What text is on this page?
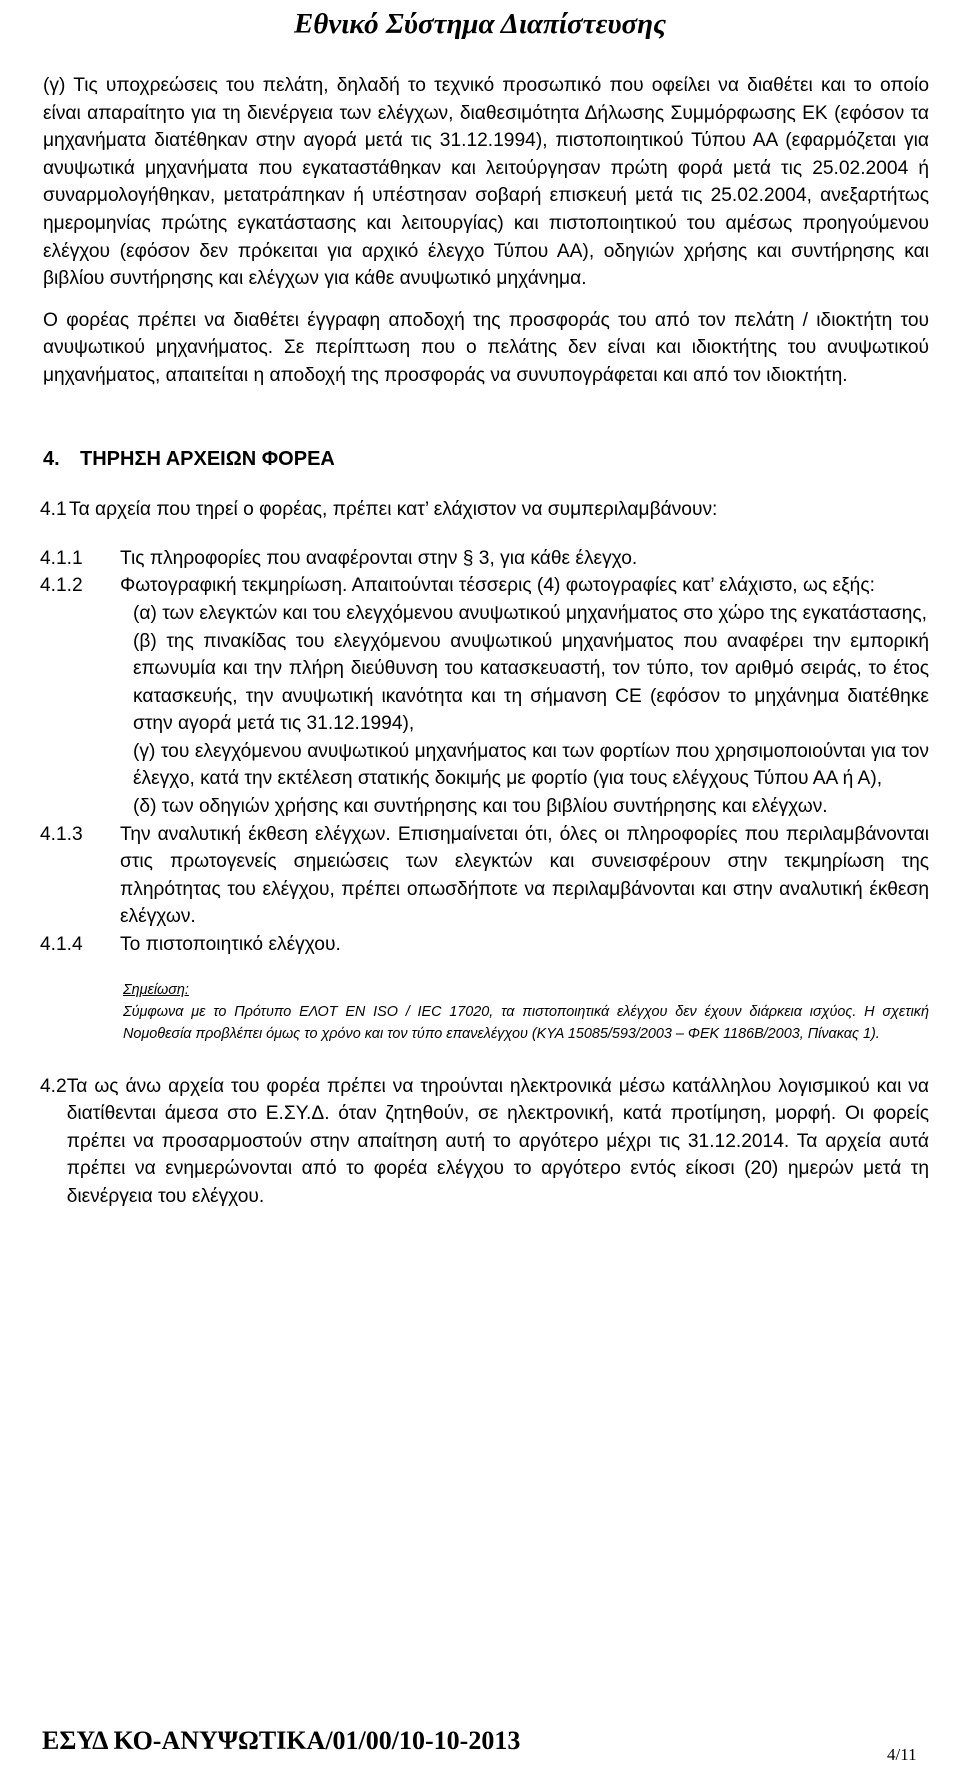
Εθνικό Σύστημα Διαπίστευσης

(γ) Τις υποχρεώσεις του πελάτη, δηλαδή το τεχνικό προσωπικό που οφείλει να διαθέτει και το οποίο είναι απαραίτητο για τη διενέργεια των ελέγχων, διαθεσιμότητα Δήλωσης Συμμόρφωσης ΕΚ (εφόσον τα μηχανήματα διατέθηκαν στην αγορά μετά τις 31.12.1994), πιστοποιητικού Τύπου ΑΑ (εφαρμόζεται για ανυψωτικά μηχανήματα που εγκαταστάθηκαν και λειτούργησαν πρώτη φορά μετά τις 25.02.2004 ή συναρμολογήθηκαν, μετατράπηκαν ή υπέστησαν σοβαρή επισκευή μετά τις 25.02.2004, ανεξαρτήτως ημερομηνίας πρώτης εγκατάστασης και λειτουργίας) και πιστοποιητικού του αμέσως προηγούμενου ελέγχου (εφόσον δεν πρόκειται για αρχικό έλεγχο Τύπου ΑΑ), οδηγιών χρήσης και συντήρησης και βιβλίου συντήρησης και ελέγχων για κάθε ανυψωτικό μηχάνημα.

Ο φορέας πρέπει να διαθέτει έγγραφη αποδοχή της προσφοράς του από τον πελάτη / ιδιοκτήτη του ανυψωτικού μηχανήματος. Σε περίπτωση που ο πελάτης δεν είναι και ιδιοκτήτης του ανυψωτικού μηχανήματος, απαιτείται η αποδοχή της προσφοράς να συνυπογράφεται και από τον ιδιοκτήτη.

4. ΤΗΡΗΣΗ ΑΡΧΕΙΩΝ ΦΟΡΕΑ
4.1 Τα αρχεία που τηρεί ο φορέας, πρέπει κατ’ ελάχιστον να συμπεριλαμβάνουν:
4.1.1	Τις πληροφορίες που αναφέρονται στην § 3, για κάθε έλεγχο.
4.1.2	Φωτογραφική τεκμηρίωση. Απαιτούνται τέσσερις (4) φωτογραφίες κατ’ ελάχιστο, ως εξής:
(α) των ελεγκτών και του ελεγχόμενου ανυψωτικού μηχανήματος στο χώρο της εγκατάστασης,
(β) της πινακίδας του ελεγχόμενου ανυψωτικού μηχανήματος που αναφέρει την εμπορική επωνυμία και την πλήρη διεύθυνση του κατασκευαστή, τον τύπο, τον αριθμό σειράς, το έτος κατασκευής, την ανυψωτική ικανότητα και τη σήμανση CE (εφόσον το μηχάνημα διατέθηκε στην αγορά μετά τις 31.12.1994),
(γ) του ελεγχόμενου ανυψωτικού μηχανήματος και των φορτίων που χρησιμοποιούνται για τον έλεγχο, κατά την εκτέλεση στατικής δοκιμής με φορτίο (για τους ελέγχους Τύπου ΑΑ ή Α),
(δ) των οδηγιών χρήσης και συντήρησης και του βιβλίου συντήρησης και ελέγχων.
4.1.3	Την αναλυτική έκθεση ελέγχων. Επισημαίνεται ότι, όλες οι πληροφορίες που περιλαμβάνονται στις πρωτογενείς σημειώσεις των ελεγκτών και συνεισφέρουν στην τεκμηρίωση της πληρότητας του ελέγχου, πρέπει οπωσδήποτε να περιλαμβάνονται και στην αναλυτική έκθεση ελέγχων.
4.1.4	Το πιστοποιητικό ελέγχου.
Σημείωση:
Σύμφωνα με το Πρότυπο ΕΛΟΤ ΕΝ ISO / IEC 17020, τα πιστοποιητικά ελέγχου δεν έχουν διάρκεια ισχύος. Η σχετική Νομοθεσία προβλέπει όμως το χρόνο και τον τύπο επανελέγχου (ΚΥΑ 15085/593/2003 – ΦΕΚ 1186Β/2003, Πίνακας 1).
4.2 Τα ως άνω αρχεία του φορέα πρέπει να τηρούνται ηλεκτρονικά μέσω κατάλληλου λογισμικού και να διατίθενται άμεσα στο Ε.ΣΥ.Δ. όταν ζητηθούν, σε ηλεκτρονική, κατά προτίμηση, μορφή. Οι φορείς πρέπει να προσαρμοστούν στην απαίτηση αυτή το αργότερο μέχρι τις 31.12.2014. Τα αρχεία αυτά πρέπει να ενημερώνονται από το φορέα ελέγχου το αργότερο εντός είκοσι (20) ημερών μετά τη διενέργεια του ελέγχου.
ΕΣΥΔ ΚΟ-ΑΝΥΨΩΤΙΚΑ/01/00/10-10-2013	4/11
